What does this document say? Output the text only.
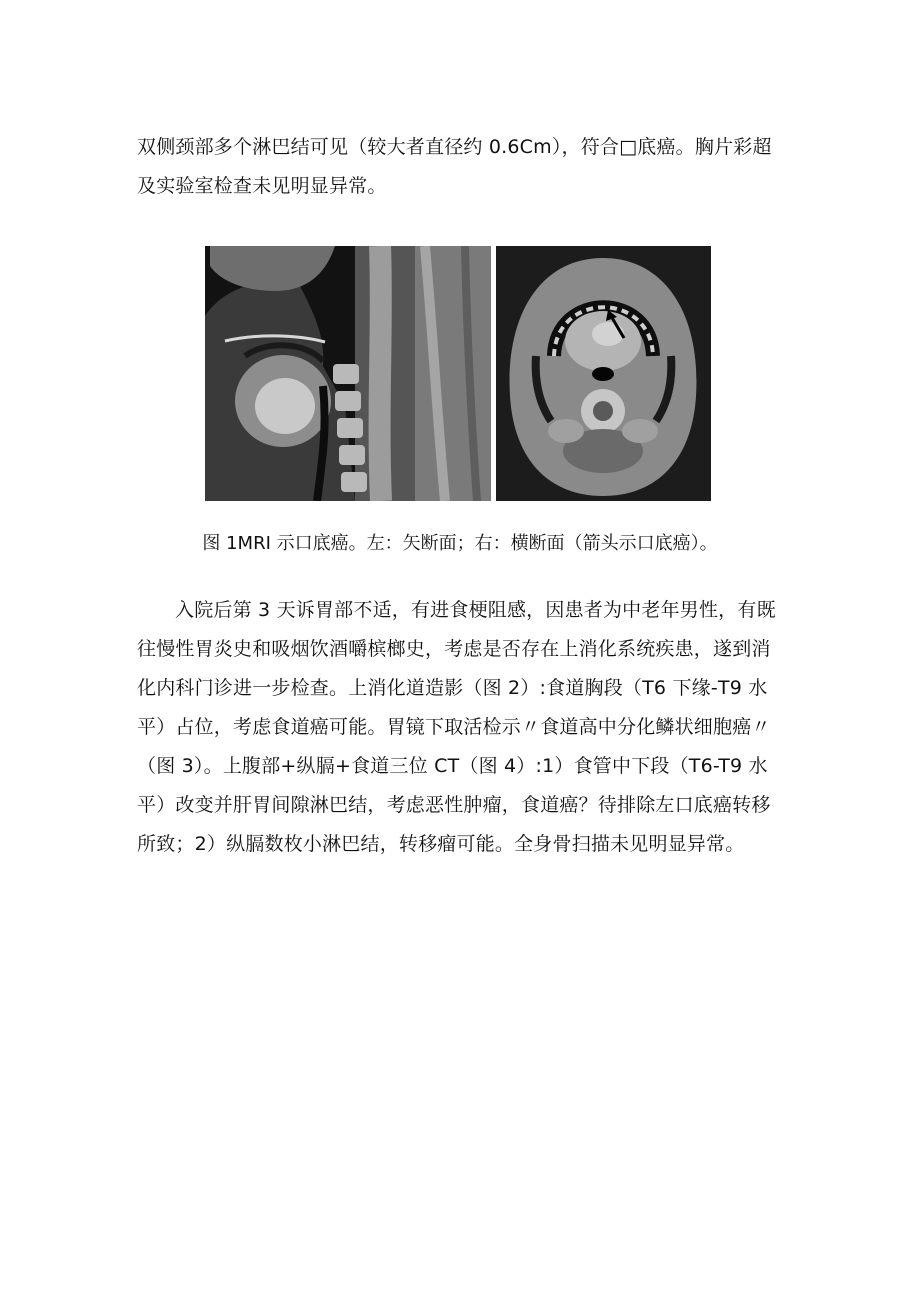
双侧颈部多个淋巴结可见（较大者直径约 0.6Cm），符合□底癌。胸片彩超及实验室检查未见明显异常。

图 1MRI 示口底癌。左：矢断面；右：横断面（箭头示口底癌）。

入院后第 3 天诉胃部不适，有进食梗阻感，因患者为中老年男性，有既往慢性胃炎史和吸烟饮酒嚼槟榔史，考虑是否存在上消化系统疾患，遂到消化内科门诊进一步检查。上消化道造影（图 2）:食道胸段（T6 下缘-T9 水平）占位，考虑食道癌可能。胃镜下取活检示〃食道高中分化鳞状细胞癌〃（图 3）。上腹部+纵膈+食道三位 CT（图 4）:1）食管中下段（T6-T9 水平）改变并肝胃间隙淋巴结，考虑恶性肿瘤，食道癌？待排除左口底癌转移所致；2）纵膈数枚小淋巴结，转移瘤可能。全身骨扫描未见明显异常。
